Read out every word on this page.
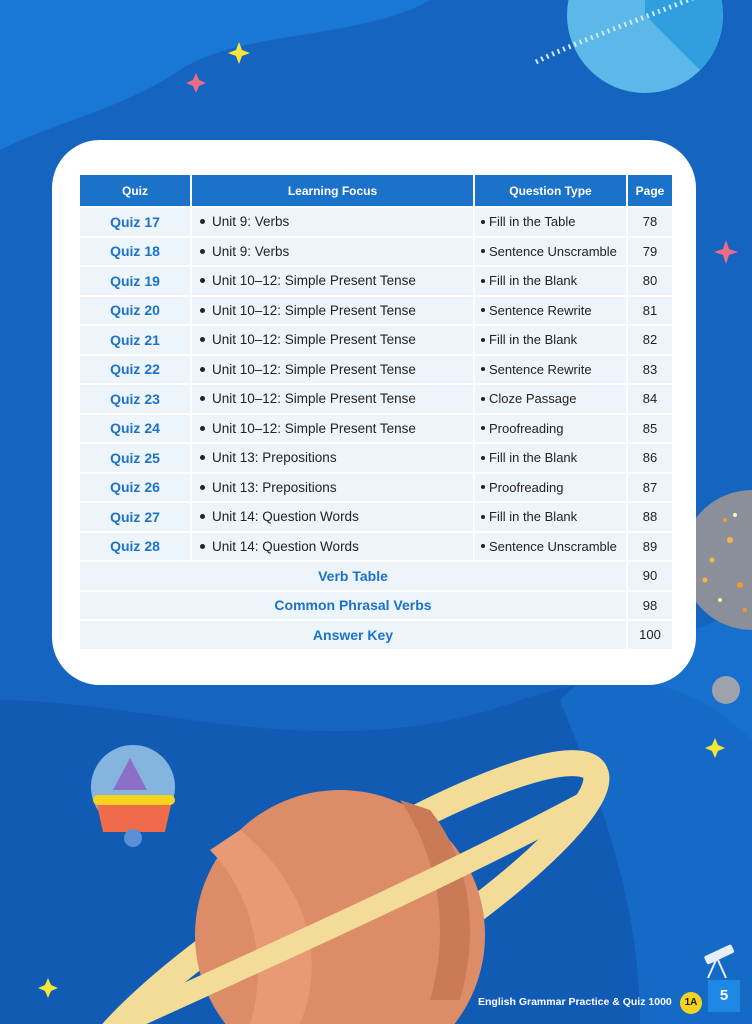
Quiz	Learning Focus	Question Type	Page
Quiz 17	Unit 9: Verbs	Fill in the Table	78
Quiz 18	Unit 9: Verbs	Sentence Unscramble	79
Quiz 19	Unit 10–12: Simple Present Tense	Fill in the Blank	80
Quiz 20	Unit 10–12: Simple Present Tense	Sentence Rewrite	81
Quiz 21	Unit 10–12: Simple Present Tense	Fill in the Blank	82
Quiz 22	Unit 10–12: Simple Present Tense	Sentence Rewrite	83
Quiz 23	Unit 10–12: Simple Present Tense	Cloze Passage	84
Quiz 24	Unit 10–12: Simple Present Tense	Proofreading	85
Quiz 25	Unit 13: Prepositions	Fill in the Blank	86
Quiz 26	Unit 13: Prepositions	Proofreading	87
Quiz 27	Unit 14: Question Words	Fill in the Blank	88
Quiz 28	Unit 14: Question Words	Sentence Unscramble	89
Verb Table			90
Common Phrasal Verbs			98
Answer Key			100
English Grammar Practice & Quiz 1000	1A	5
